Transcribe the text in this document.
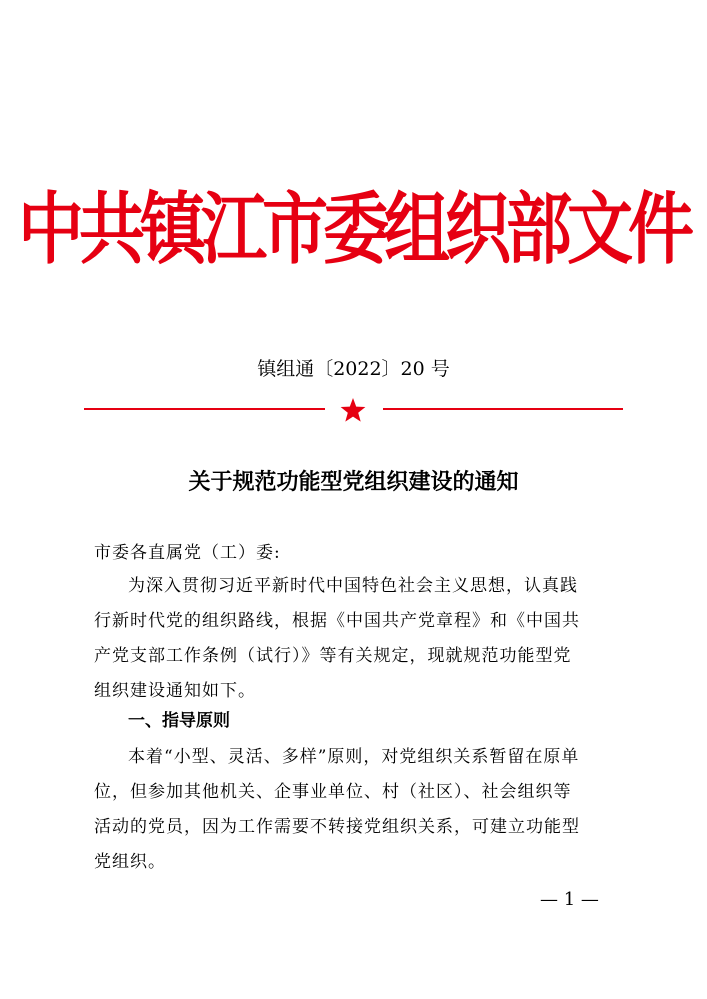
中共镇江市委组织部文件
镇组通〔2022〕20 号
关于规范功能型党组织建设的通知
市委各直属党（工）委:
为深入贯彻习近平新时代中国特色社会主义思想，认真践
行新时代党的组织路线，根据《中国共产党章程》和《中国共
产党支部工作条例（试行）》等有关规定，现就规范功能型党
组织建设通知如下。
一、指导原则
本着“小型、灵活、多样”原则，对党组织关系暂留在原单
位，但参加其他机关、企事业单位、村（社区）、社会组织等
活动的党员，因为工作需要不转接党组织关系，可建立功能型
党组织。
— 1 —
